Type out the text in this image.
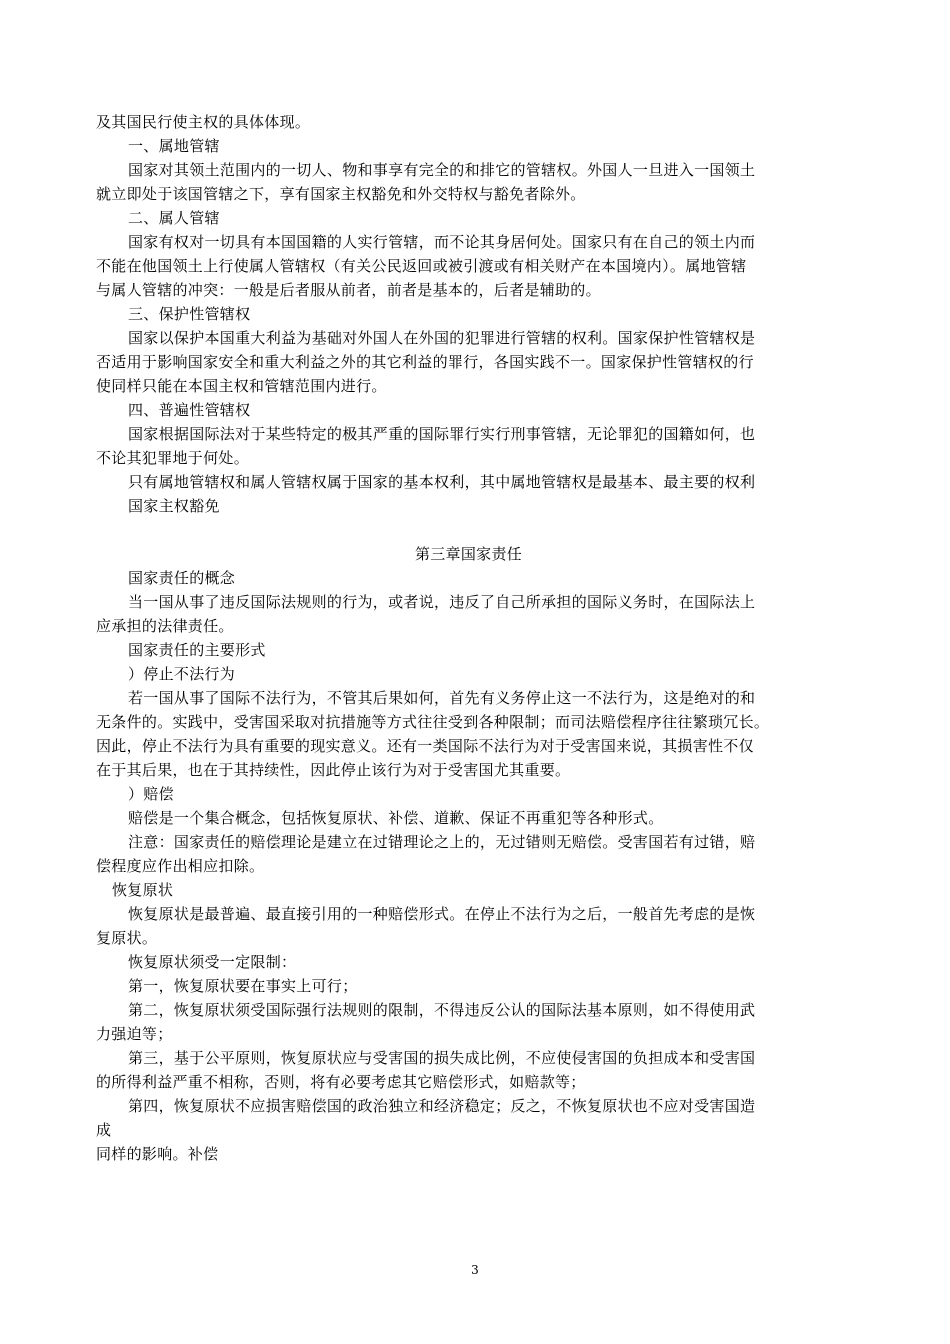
及其国民行使主权的具体体现。
一、属地管辖
国家对其领土范围内的一切人、物和事享有完全的和排它的管辖权。外国人一旦进入一国领土
就立即处于该国管辖之下，享有国家主权豁免和外交特权与豁免者除外。
二、属人管辖
国家有权对一切具有本国国籍的人实行管辖，而不论其身居何处。国家只有在自己的领土内而
不能在他国领土上行使属人管辖权（有关公民返回或被引渡或有相关财产在本国境内）。属地管辖
与属人管辖的冲突：一般是后者服从前者，前者是基本的，后者是辅助的。
三、保护性管辖权
国家以保护本国重大利益为基础对外国人在外国的犯罪进行管辖的权利。国家保护性管辖权是
否适用于影响国家安全和重大利益之外的其它利益的罪行，各国实践不一。国家保护性管辖权的行
使同样只能在本国主权和管辖范围内进行。
四、普遍性管辖权
国家根据国际法对于某些特定的极其严重的国际罪行实行刑事管辖，无论罪犯的国籍如何，也
不论其犯罪地于何处。
只有属地管辖权和属人管辖权属于国家的基本权利，其中属地管辖权是最基本、最主要的权利
国家主权豁免
第三章国家责任
国家责任的概念
当一国从事了违反国际法规则的行为，或者说，违反了自己所承担的国际义务时，在国际法上
应承担的法律责任。
国家责任的主要形式
）停止不法行为
若一国从事了国际不法行为，不管其后果如何，首先有义务停止这一不法行为，这是绝对的和
无条件的。实践中，受害国采取对抗措施等方式往往受到各种限制；而司法赔偿程序往往繁琐冗长。
因此，停止不法行为具有重要的现实意义。还有一类国际不法行为对于受害国来说，其损害性不仅
在于其后果，也在于其持续性，因此停止该行为对于受害国尤其重要。
）赔偿
赔偿是一个集合概念，包括恢复原状、补偿、道歉、保证不再重犯等各种形式。
注意：国家责任的赔偿理论是建立在过错理论之上的，无过错则无赔偿。受害国若有过错，赔
偿程度应作出相应扣除。
恢复原状
恢复原状是最普遍、最直接引用的一种赔偿形式。在停止不法行为之后，一般首先考虑的是恢
复原状。
恢复原状须受一定限制：
第一，恢复原状要在事实上可行；
第二，恢复原状须受国际强行法规则的限制，不得违反公认的国际法基本原则，如不得使用武
力强迫等；
第三，基于公平原则，恢复原状应与受害国的损失成比例，不应使侵害国的负担成本和受害国
的所得利益严重不相称，否则，将有必要考虑其它赔偿形式，如赔款等；
第四，恢复原状不应损害赔偿国的政治独立和经济稳定；反之，不恢复原状也不应对受害国造
成
同样的影响。补偿
3
